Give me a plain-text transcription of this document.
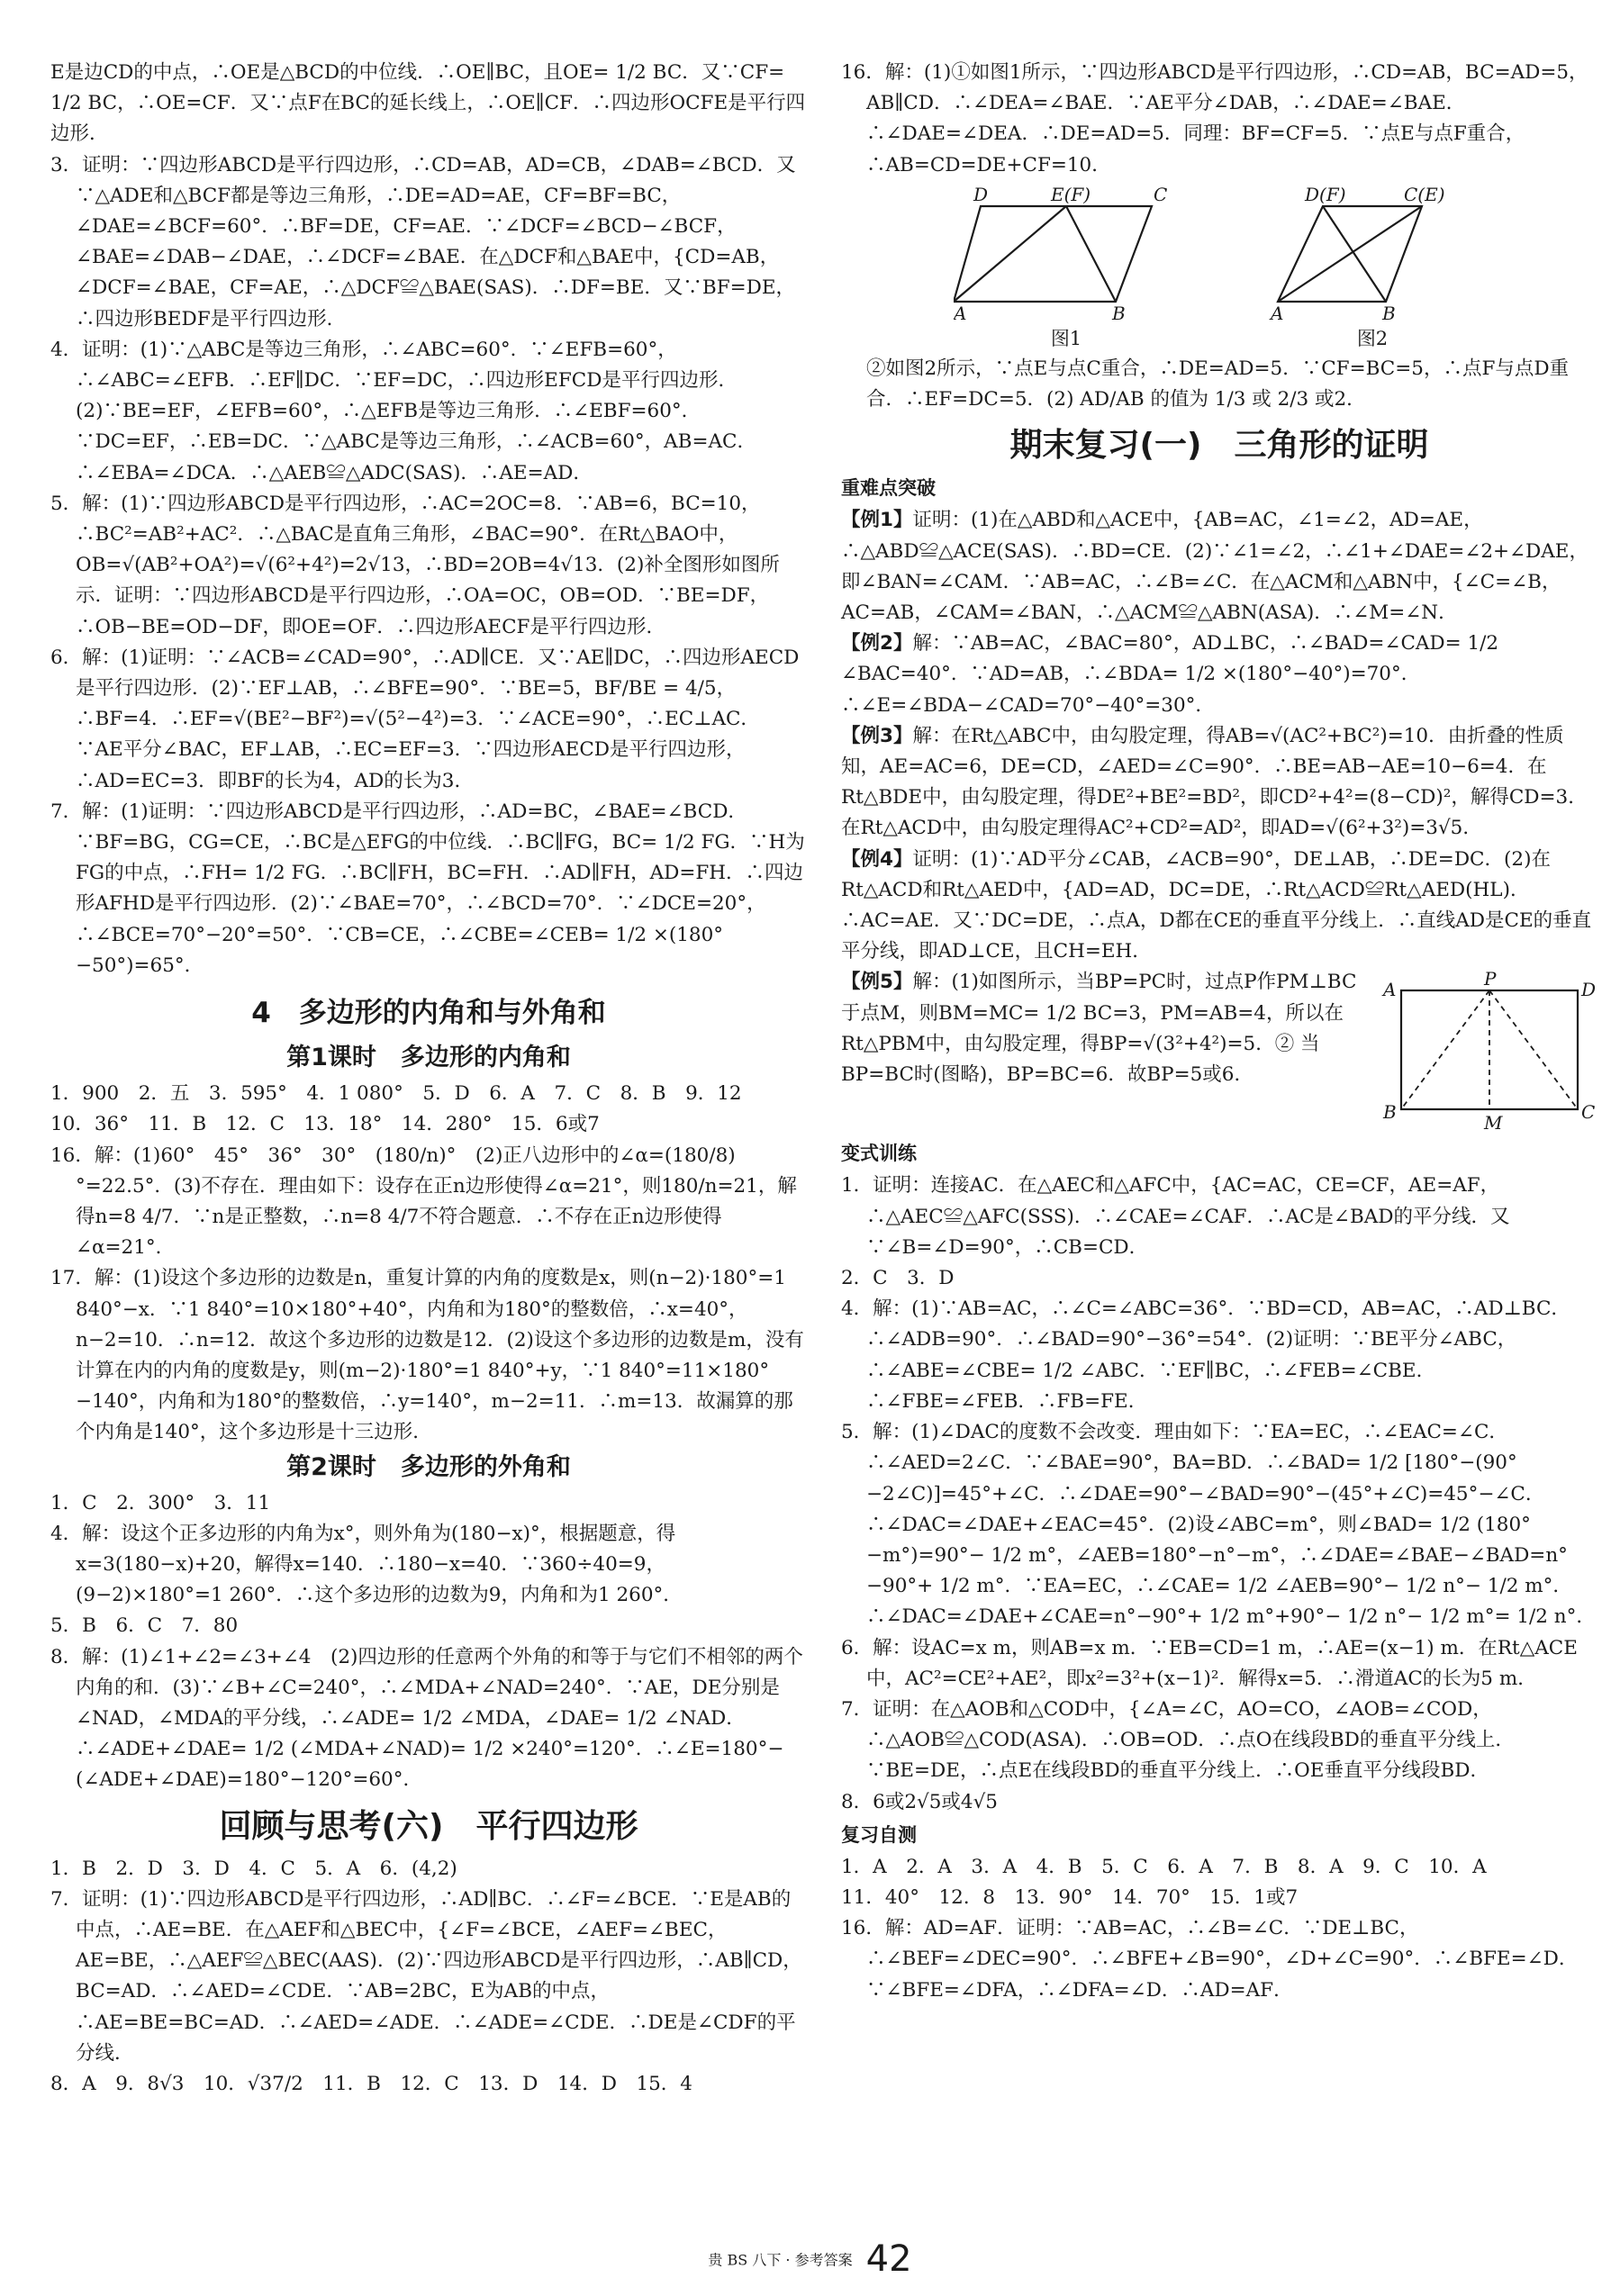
E是边CD的中点，∴OE是△BCD的中位线．∴OE∥BC，且OE= 1/2 BC．又∵CF= 1/2 BC，∴OE=CF．又∵点F在BC的延长线上，∴OE∥CF．∴四边形OCFE是平行四边形．

3．证明：∵四边形ABCD是平行四边形，∴CD=AB，AD=CB，∠DAB=∠BCD．又∵△ADE和△BCF都是等边三角形，∴DE=AD=AE，CF=BF=BC，∠DAE=∠BCF=60°．∴BF=DE，CF=AE．∵∠DCF=∠BCD−∠BCF，∠BAE=∠DAB−∠DAE，∴∠DCF=∠BAE．在△DCF和△BAE中，{CD=AB，∠DCF=∠BAE，CF=AE，∴△DCF≌△BAE(SAS)．∴DF=BE．又∵BF=DE，∴四边形BEDF是平行四边形．

4．证明：(1)∵△ABC是等边三角形，∴∠ABC=60°．∵∠EFB=60°，∴∠ABC=∠EFB．∴EF∥DC．∵EF=DC，∴四边形EFCD是平行四边形．(2)∵BE=EF，∠EFB=60°，∴△EFB是等边三角形．∴∠EBF=60°．∵DC=EF，∴EB=DC．∵△ABC是等边三角形，∴∠ACB=60°，AB=AC．∴∠EBA=∠DCA．∴△AEB≌△ADC(SAS)．∴AE=AD．

5．解：(1)∵四边形ABCD是平行四边形，∴AC=2OC=8．∵AB=6，BC=10，∴BC²=AB²+AC²．∴△BAC是直角三角形，∠BAC=90°．在Rt△BAO中，OB=√(AB²+OA²)=√(6²+4²)=2√13，∴BD=2OB=4√13．(2)补全图形如图所示．证明：∵四边形ABCD是平行四边形，∴OA=OC，OB=OD．∵BE=DF，∴OB−BE=OD−DF，即OE=OF．∴四边形AECF是平行四边形．

6．解：(1)证明：∵∠ACB=∠CAD=90°，∴AD∥CE．又∵AE∥DC，∴四边形AECD是平行四边形．(2)∵EF⊥AB，∴∠BFE=90°．∵BE=5，BF/BE = 4/5，∴BF=4．∴EF=√(BE²−BF²)=√(5²−4²)=3．∵∠ACE=90°，∴EC⊥AC．∵AE平分∠BAC，EF⊥AB，∴EC=EF=3．∵四边形AECD是平行四边形，∴AD=EC=3．即BF的长为4，AD的长为3．

7．解：(1)证明：∵四边形ABCD是平行四边形，∴AD=BC，∠BAE=∠BCD．∵BF=BG，CG=CE，∴BC是△EFG的中位线．∴BC∥FG，BC= 1/2 FG．∵H为FG的中点，∴FH= 1/2 FG．∴BC∥FH，BC=FH．∴AD∥FH，AD=FH．∴四边形AFHD是平行四边形．(2)∵∠BAE=70°，∴∠BCD=70°．∵∠DCE=20°，∴∠BCE=70°−20°=50°．∵CB=CE，∴∠CBE=∠CEB= 1/2 ×(180°−50°)=65°．

4　多边形的内角和与外角和
第1课时　多边形的内角和

1．900　2．五　3．595°　4．1 080°　5．D　6．A　7．C　8．B　9．12

10．36°　11．B　12．C　13．18°　14．280°　15．6或7

16．解：(1)60°　45°　36°　30°　(180/n)°　(2)正八边形中的∠α=(180/8)°=22.5°．(3)不存在．理由如下：设存在正n边形使得∠α=21°，则180/n=21，解得n=8 4/7．∵n是正整数，∴n=8 4/7不符合题意．∴不存在正n边形使得∠α=21°．

17．解：(1)设这个多边形的边数是n，重复计算的内角的度数是x，则(n−2)·180°=1 840°−x．∵1 840°=10×180°+40°，内角和为180°的整数倍，∴x=40°，n−2=10．∴n=12．故这个多边形的边数是12．(2)设这个多边形的边数是m，没有计算在内的内角的度数是y，则(m−2)·180°=1 840°+y，∵1 840°=11×180°−140°，内角和为180°的整数倍，∴y=140°，m−2=11．∴m=13．故漏算的那个内角是140°，这个多边形是十三边形．

第2课时　多边形的外角和

1．C　2．300°　3．11

4．解：设这个正多边形的内角为x°，则外角为(180−x)°，根据题意，得x=3(180−x)+20，解得x=140．∴180−x=40．∵360÷40=9，(9−2)×180°=1 260°．∴这个多边形的边数为9，内角和为1 260°．

5．B　6．C　7．80

8．解：(1)∠1+∠2=∠3+∠4　(2)四边形的任意两个外角的和等于与它们不相邻的两个内角的和．(3)∵∠B+∠C=240°，∴∠MDA+∠NAD=240°．∵AE，DE分别是∠NAD，∠MDA的平分线，∴∠ADE= 1/2 ∠MDA，∠DAE= 1/2 ∠NAD．∴∠ADE+∠DAE= 1/2 (∠MDA+∠NAD)= 1/2 ×240°=120°．∴∠E=180°−(∠ADE+∠DAE)=180°−120°=60°．

回顾与思考(六)　平行四边形

1．B　2．D　3．D　4．C　5．A　6．(4,2)

7．证明：(1)∵四边形ABCD是平行四边形，∴AD∥BC．∴∠F=∠BCE．∵E是AB的中点，∴AE=BE．在△AEF和△BEC中，{∠F=∠BCE，∠AEF=∠BEC，AE=BE，∴△AEF≌△BEC(AAS)．(2)∵四边形ABCD是平行四边形，∴AB∥CD，BC=AD．∴∠AED=∠CDE．∵AB=2BC，E为AB的中点，∴AE=BE=BC=AD．∴∠AED=∠ADE．∴∠ADE=∠CDE．∴DE是∠CDF的平分线．

8．A　9．8√3　10．√37/2　11．B　12．C　13．D　14．D　15．4

16．解：(1)①如图1所示，∵四边形ABCD是平行四边形，∴CD=AB，BC=AD=5，AB∥CD．∴∠DEA=∠BAE．∵AE平分∠DAB，∴∠DAE=∠BAE．∴∠DAE=∠DEA．∴DE=AD=5．同理：BF=CF=5．∵点E与点F重合，∴AB=CD=DE+CF=10．

D	E(F)	C
A	B
D(F)	C(E)
A	B
图1	图2

②如图2所示，∵点E与点C重合，∴DE=AD=5．∵CF=BC=5，∴点F与点D重合．∴EF=DC=5．(2) AD/AB 的值为 1/3 或 2/3 或2．

期末复习(一)　三角形的证明
重难点突破

【例1】证明：(1)在△ABD和△ACE中，{AB=AC，∠1=∠2，AD=AE，∴△ABD≌△ACE(SAS)．∴BD=CE．(2)∵∠1=∠2，∴∠1+∠DAE=∠2+∠DAE，即∠BAN=∠CAM．∵AB=AC，∴∠B=∠C．在△ACM和△ABN中，{∠C=∠B，AC=AB，∠CAM=∠BAN，∴△ACM≌△ABN(ASA)．∴∠M=∠N．

【例2】解：∵AB=AC，∠BAC=80°，AD⊥BC，∴∠BAD=∠CAD= 1/2 ∠BAC=40°．∵AD=AB，∴∠BDA= 1/2 ×(180°−40°)=70°．∴∠E=∠BDA−∠CAD=70°−40°=30°．

【例3】解：在Rt△ABC中，由勾股定理，得AB=√(AC²+BC²)=10．由折叠的性质知，AE=AC=6，DE=CD，∠AED=∠C=90°．∴BE=AB−AE=10−6=4．在Rt△BDE中，由勾股定理，得DE²+BE²=BD²，即CD²+4²=(8−CD)²，解得CD=3．在Rt△ACD中，由勾股定理得AC²+CD²=AD²，即AD=√(6²+3²)=3√5．

【例4】证明：(1)∵AD平分∠CAB，∠ACB=90°，DE⊥AB，∴DE=DC．(2)在Rt△ACD和Rt△AED中，{AD=AD，DC=DE，∴Rt△ACD≌Rt△AED(HL)．∴AC=AE．又∵DC=DE，∴点A，D都在CE的垂直平分线上．∴直线AD是CE的垂直平分线，即AD⊥CE，且CH=EH．

A	P	D
B	M	C

【例5】解：(1)如图所示，当BP=PC时，过点P作PM⊥BC于点M，则BM=MC= 1/2 BC=3，PM=AB=4，所以在Rt△PBM中，由勾股定理，得BP=√(3²+4²)=5．② 当BP=BC时(图略)，BP=BC=6．故BP=5或6．

变式训练

1．证明：连接AC．在△AEC和△AFC中，{AC=AC，CE=CF，AE=AF，∴△AEC≌△AFC(SSS)．∴∠CAE=∠CAF．∴AC是∠BAD的平分线．又∵∠B=∠D=90°，∴CB=CD．

2．C　3．D

4．解：(1)∵AB=AC，∴∠C=∠ABC=36°．∵BD=CD，AB=AC，∴AD⊥BC．∴∠ADB=90°．∴∠BAD=90°−36°=54°．(2)证明：∵BE平分∠ABC，∴∠ABE=∠CBE= 1/2 ∠ABC．∵EF∥BC，∴∠FEB=∠CBE．∴∠FBE=∠FEB．∴FB=FE．

5．解：(1)∠DAC的度数不会改变．理由如下：∵EA=EC，∴∠EAC=∠C．∴∠AED=2∠C．∵∠BAE=90°，BA=BD．∴∠BAD= 1/2 [180°−(90°−2∠C)]=45°+∠C．∴∠DAE=90°−∠BAD=90°−(45°+∠C)=45°−∠C．∴∠DAC=∠DAE+∠EAC=45°．(2)设∠ABC=m°，则∠BAD= 1/2 (180°−m°)=90°− 1/2 m°，∠AEB=180°−n°−m°，∴∠DAE=∠BAE−∠BAD=n°−90°+ 1/2 m°．∵EA=EC，∴∠CAE= 1/2 ∠AEB=90°− 1/2 n°− 1/2 m°．∴∠DAC=∠DAE+∠CAE=n°−90°+ 1/2 m°+90°− 1/2 n°− 1/2 m°= 1/2 n°．

6．解：设AC=x m，则AB=x m．∵EB=CD=1 m，∴AE=(x−1) m．在Rt△ACE中，AC²=CE²+AE²，即x²=3²+(x−1)²．解得x=5．∴滑道AC的长为5 m．

7．证明：在△AOB和△COD中，{∠A=∠C，AO=CO，∠AOB=∠COD，∴△AOB≌△COD(ASA)．∴OB=OD．∴点O在线段BD的垂直平分线上．∵BE=DE，∴点E在线段BD的垂直平分线上．∴OE垂直平分线段BD．

8．6或2√5或4√5

复习自测

1．A　2．A　3．A　4．B　5．C　6．A　7．B　8．A　9．C　10．A

11．40°　12．8　13．90°　14．70°　15．1或7

16．解：AD=AF．证明：∵AB=AC，∴∠B=∠C．∵DE⊥BC，∴∠BEF=∠DEC=90°．∴∠BFE+∠B=90°，∠D+∠C=90°．∴∠BFE=∠D．∵∠BFE=∠DFA，∴∠DFA=∠D．∴AD=AF．

贵 BS 八下 · 参考答案 42
